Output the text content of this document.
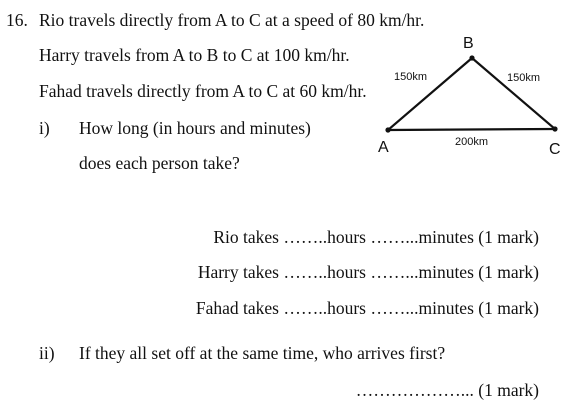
16. Rio travels directly from A to C at a speed of 80 km/hr.
Harry travels from A to B to C at 100 km/hr.
Fahad travels directly from A to C at 60 km/hr.
i) How long (in hours and minutes)
does each person take?
Rio takes ……..hours ……...minutes (1 mark)
Harry takes ……..hours ……...minutes (1 mark)
Fahad takes ……..hours ……...minutes (1 mark)
ii) If they all set off at the same time, who arrives first?
………………... (1 mark)
B
A	C
150km	150km
200km
